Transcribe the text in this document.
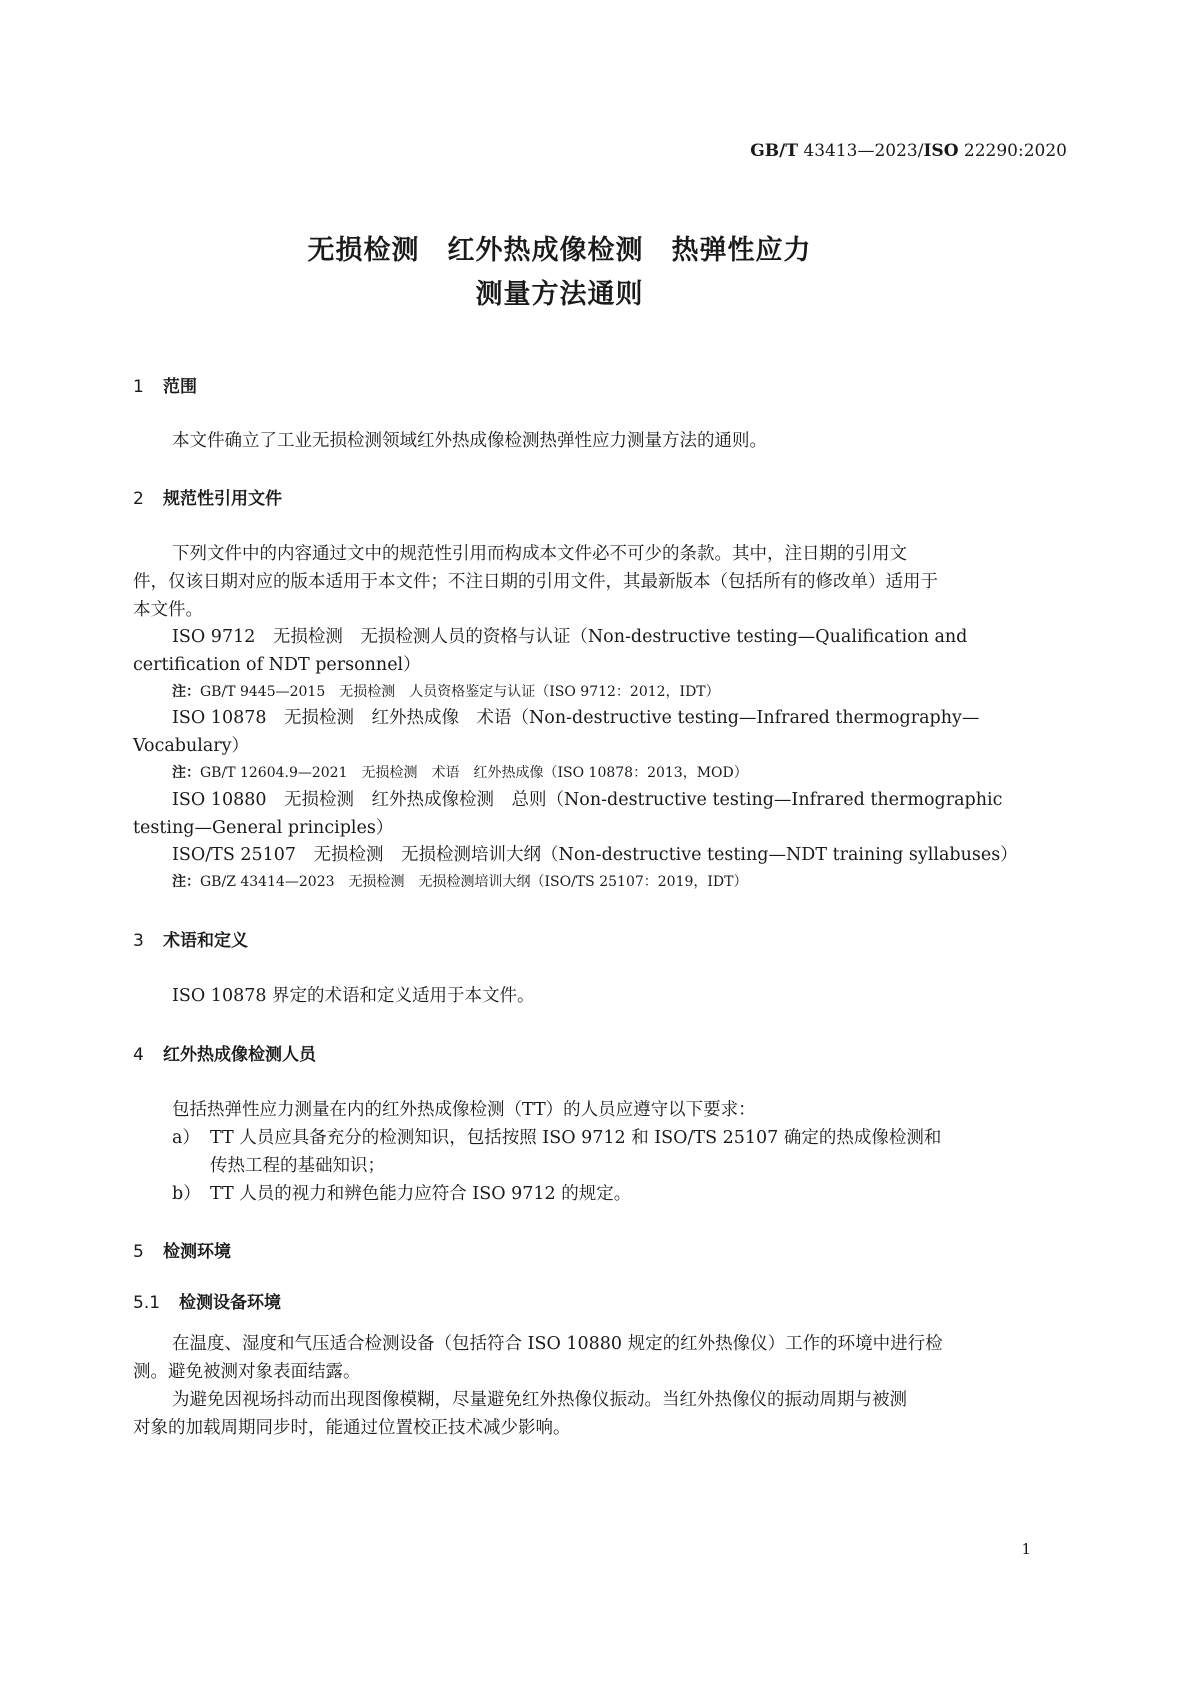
GB/T 43413—2023/ISO 22290:2020
无损检测　红外热成像检测　热弹性应力
测量方法通则
1 范围
本文件确立了工业无损检测领域红外热成像检测热弹性应力测量方法的通则。
2 规范性引用文件
下列文件中的内容通过文中的规范性引用而构成本文件必不可少的条款。其中，注日期的引用文
件，仅该日期对应的版本适用于本文件；不注日期的引用文件，其最新版本（包括所有的修改单）适用于
本文件。
ISO 9712　无损检测　无损检测人员的资格与认证（Non-destructive testing—Qualification and
certification of NDT personnel）
注：GB/T 9445—2015　无损检测　人员资格鉴定与认证（ISO 9712：2012，IDT）
ISO 10878　无损检测　红外热成像　术语（Non-destructive testing—Infrared thermography—
Vocabulary）
注：GB/T 12604.9—2021　无损检测　术语　红外热成像（ISO 10878：2013，MOD）
ISO 10880　无损检测　红外热成像检测　总则（Non-destructive testing—Infrared thermographic
testing—General principles）
ISO/TS 25107　无损检测　无损检测培训大纲（Non-destructive testing—NDT training syllabuses）
注：GB/Z 43414—2023　无损检测　无损检测培训大纲（ISO/TS 25107：2019，IDT）
3 术语和定义
ISO 10878 界定的术语和定义适用于本文件。
4 红外热成像检测人员
包括热弹性应力测量在内的红外热成像检测（TT）的人员应遵守以下要求：
a） TT 人员应具备充分的检测知识，包括按照 ISO 9712 和 ISO/TS 25107 确定的热成像检测和
传热工程的基础知识；
b） TT 人员的视力和辨色能力应符合 ISO 9712 的规定。
5 检测环境
5.1 检测设备环境
在温度、湿度和气压适合检测设备（包括符合 ISO 10880 规定的红外热像仪）工作的环境中进行检
测。避免被测对象表面结露。
为避免因视场抖动而出现图像模糊，尽量避免红外热像仪振动。当红外热像仪的振动周期与被测
对象的加载周期同步时，能通过位置校正技术减少影响。
1
